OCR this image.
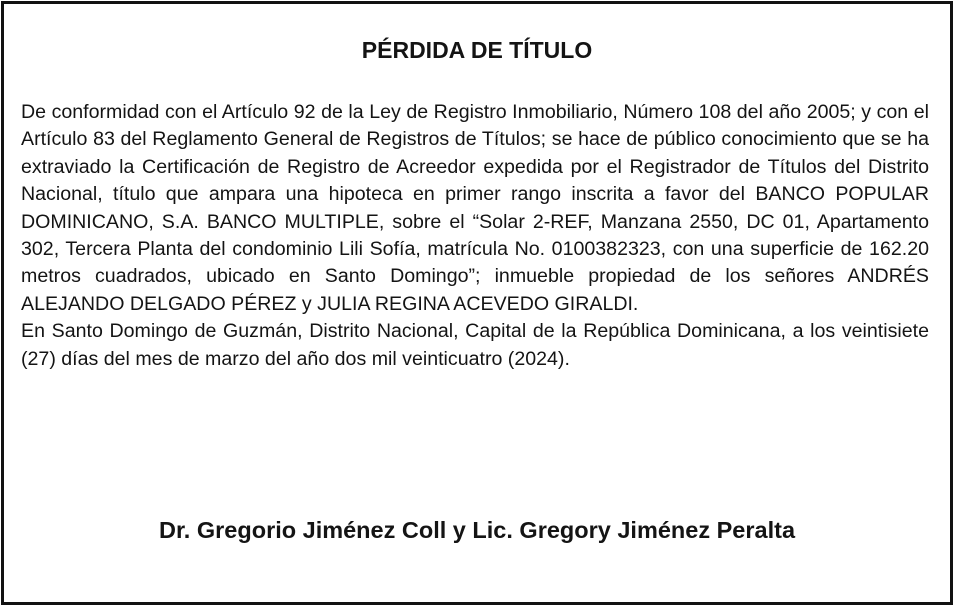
PÉRDIDA DE TÍTULO

De conformidad con el Artículo 92 de la Ley de Registro Inmobiliario, Número 108 del año 2005; y con el Artículo 83 del Reglamento General de Registros de Títulos; se hace de público conocimiento que se ha extraviado la Certificación de Registro de Acreedor expedida por el Registrador de Títulos del Distrito Nacional, título que ampara una hipoteca en primer rango inscrita a favor del BANCO POPULAR DOMINICANO, S.A. BANCO MULTIPLE, sobre el “Solar 2-REF, Manzana 2550, DC 01, Apartamento 302, Tercera Planta del condominio Lili Sofía, matrícula No. 0100382323, con una superficie de 162.20 metros cuadrados, ubicado en Santo Domingo”; inmueble propiedad de los señores ANDRÉS ALEJANDO DELGADO PÉREZ y JULIA REGINA ACEVEDO GIRALDI.

En Santo Domingo de Guzmán, Distrito Nacional, Capital de la República Dominicana, a los veintisiete (27) días del mes de marzo del año dos mil veinticuatro (2024).

Dr. Gregorio Jiménez Coll y Lic. Gregory Jiménez Peralta
